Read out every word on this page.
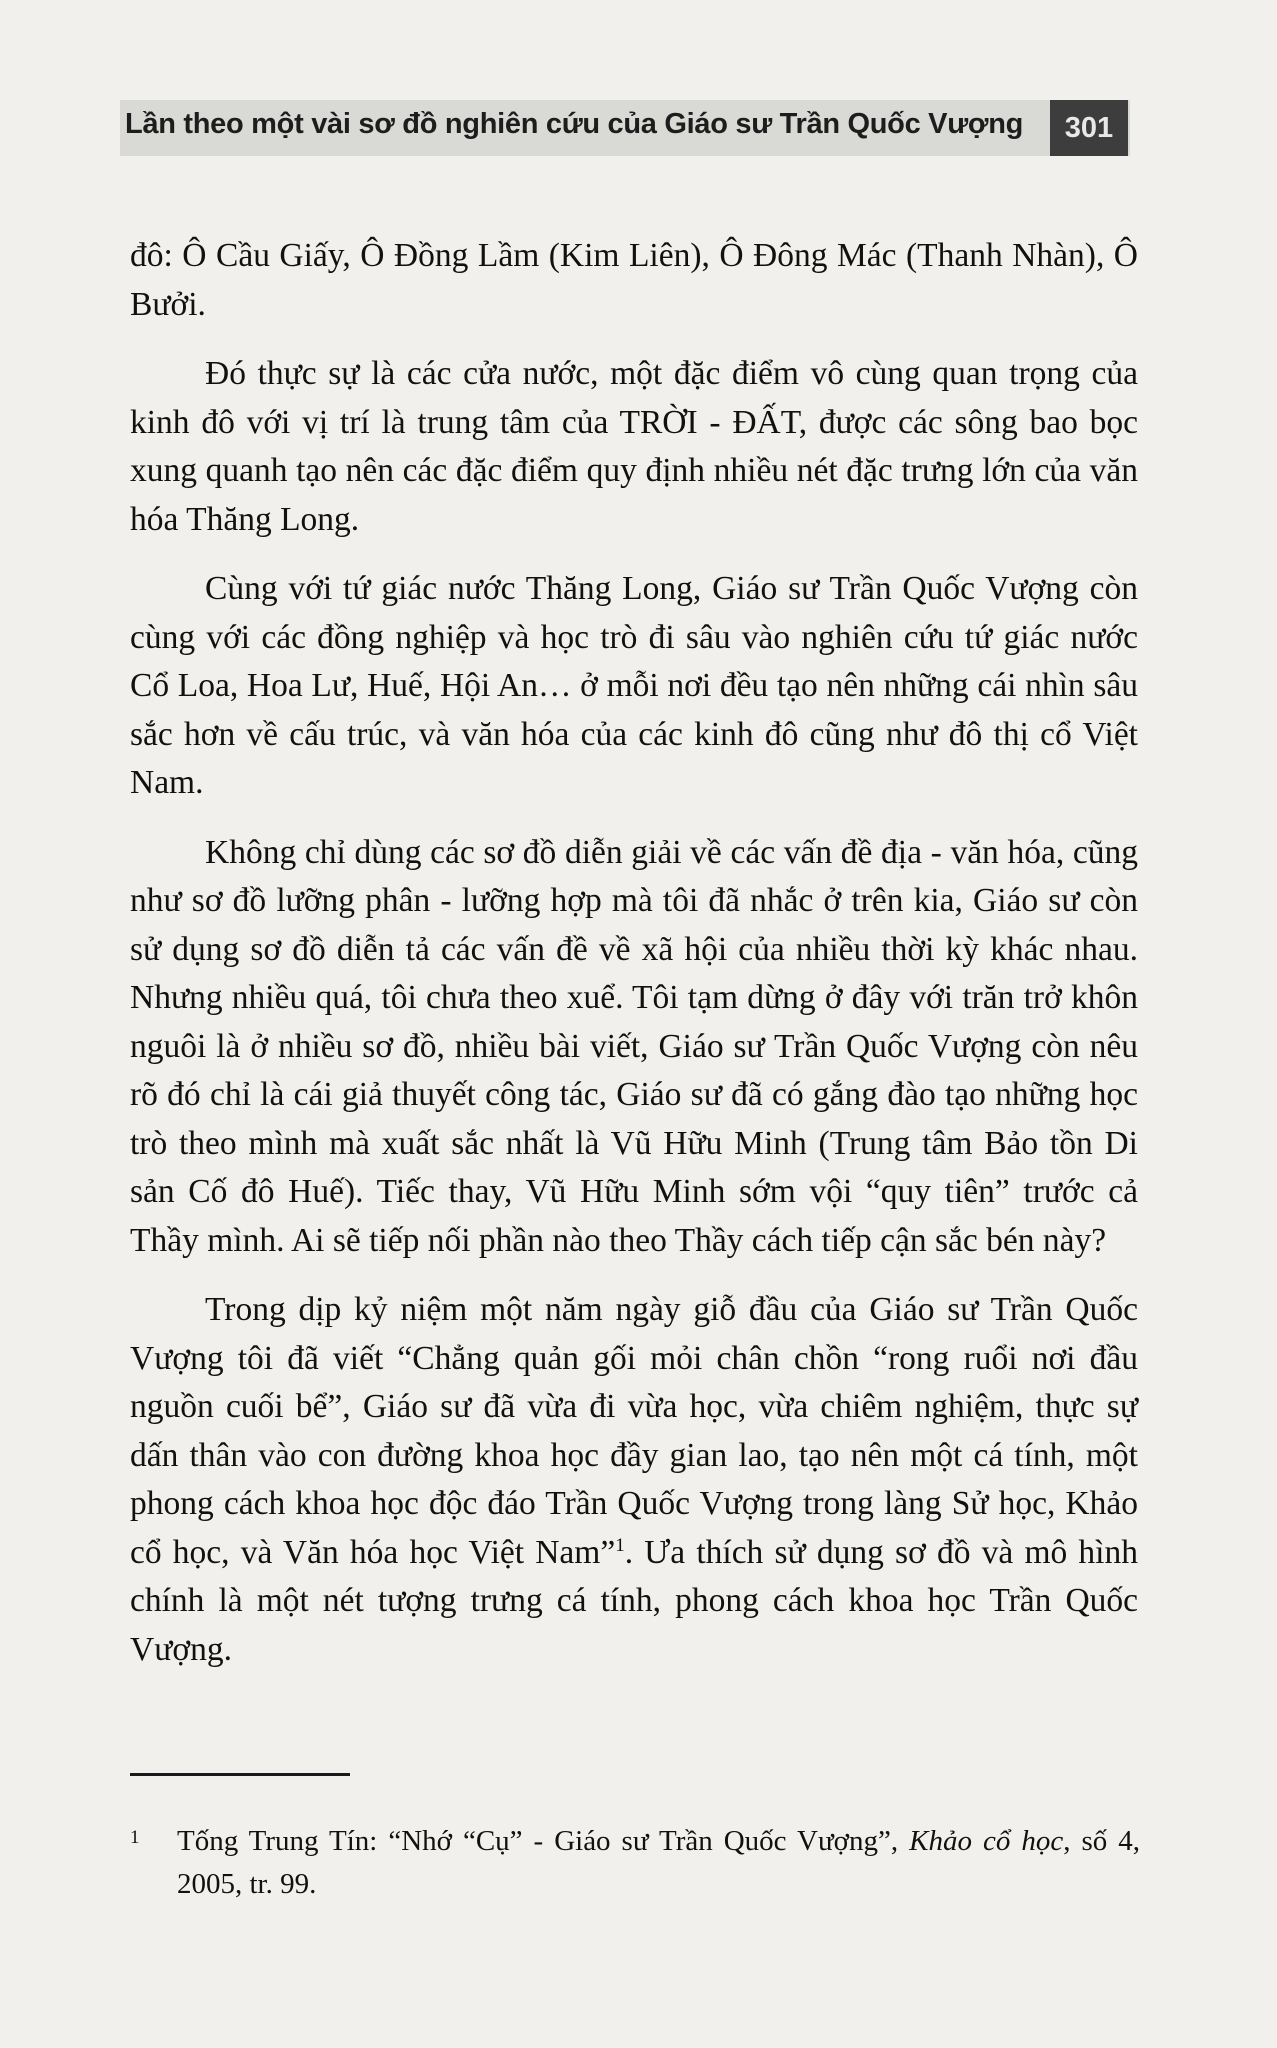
Lần theo một vài sơ đồ nghiên cứu của Giáo sư Trần Quốc Vượng	301

đô: Ô Cầu Giấy, Ô Đồng Lầm (Kim Liên), Ô Đông Mác (Thanh Nhàn), Ô Bưởi.

Đó thực sự là các cửa nước, một đặc điểm vô cùng quan trọng của kinh đô với vị trí là trung tâm của TRỜI - ĐẤT, được các sông bao bọc xung quanh tạo nên các đặc điểm quy định nhiều nét đặc trưng lớn của văn hóa Thăng Long.

Cùng với tứ giác nước Thăng Long, Giáo sư Trần Quốc Vượng còn cùng với các đồng nghiệp và học trò đi sâu vào nghiên cứu tứ giác nước Cổ Loa, Hoa Lư, Huế, Hội An… ở mỗi nơi đều tạo nên những cái nhìn sâu sắc hơn về cấu trúc, và văn hóa của các kinh đô cũng như đô thị cổ Việt Nam.

Không chỉ dùng các sơ đồ diễn giải về các vấn đề địa - văn hóa, cũng như sơ đồ lưỡng phân - lưỡng hợp mà tôi đã nhắc ở trên kia, Giáo sư còn sử dụng sơ đồ diễn tả các vấn đề về xã hội của nhiều thời kỳ khác nhau. Nhưng nhiều quá, tôi chưa theo xuể. Tôi tạm dừng ở đây với trăn trở khôn nguôi là ở nhiều sơ đồ, nhiều bài viết, Giáo sư Trần Quốc Vượng còn nêu rõ đó chỉ là cái giả thuyết công tác, Giáo sư đã có gắng đào tạo những học trò theo mình mà xuất sắc nhất là Vũ Hữu Minh (Trung tâm Bảo tồn Di sản Cố đô Huế). Tiếc thay, Vũ Hữu Minh sớm vội “quy tiên” trước cả Thầy mình. Ai sẽ tiếp nối phần nào theo Thầy cách tiếp cận sắc bén này?

Trong dịp kỷ niệm một năm ngày giỗ đầu của Giáo sư Trần Quốc Vượng tôi đã viết “Chẳng quản gối mỏi chân chồn “rong ruổi nơi đầu nguồn cuối bể”, Giáo sư đã vừa đi vừa học, vừa chiêm nghiệm, thực sự dấn thân vào con đường khoa học đầy gian lao, tạo nên một cá tính, một phong cách khoa học độc đáo Trần Quốc Vượng trong làng Sử học, Khảo cổ học, và Văn hóa học Việt Nam”$^1$. Ưa thích sử dụng sơ đồ và mô hình chính là một nét tượng trưng cá tính, phong cách khoa học Trần Quốc Vượng.

1 Tống Trung Tín: “Nhớ “Cụ” - Giáo sư Trần Quốc Vượng”, Khảo cổ học, số 4, 2005, tr. 99.
